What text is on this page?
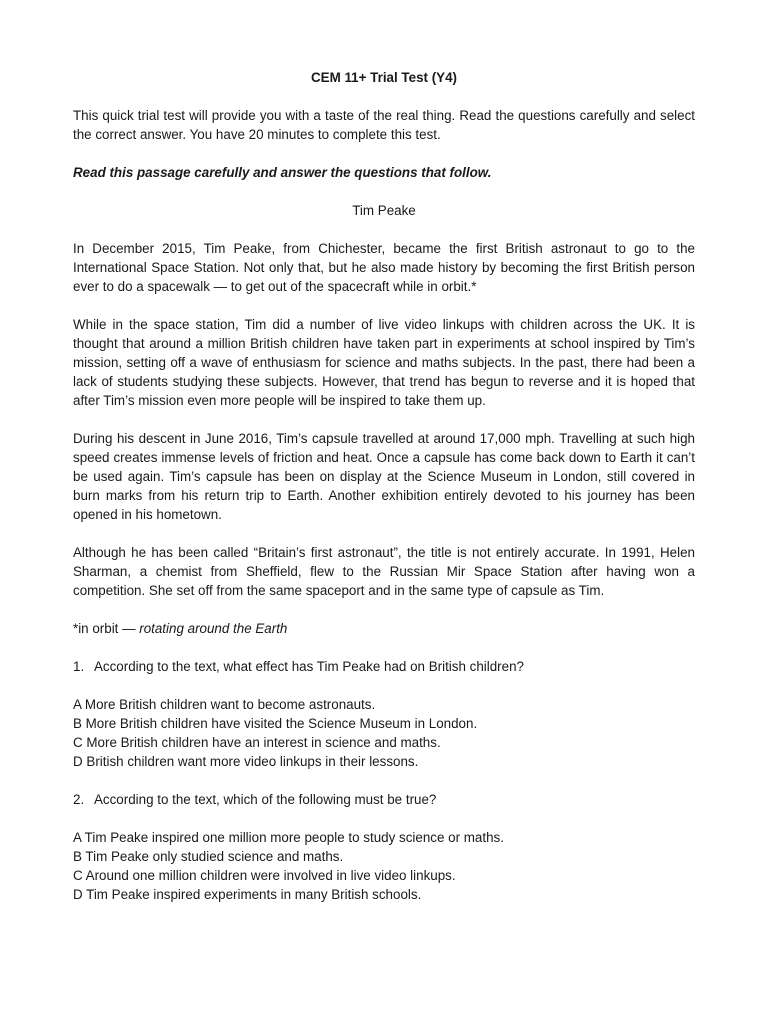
CEM 11+ Trial Test (Y4)

This quick trial test will provide you with a taste of the real thing. Read the questions carefully and select the correct answer. You have 20 minutes to complete this test.

Read this passage carefully and answer the questions that follow.

Tim Peake

In December 2015, Tim Peake, from Chichester, became the first British astronaut to go to the International Space Station. Not only that, but he also made history by becoming the first British person ever to do a spacewalk — to get out of the spacecraft while in orbit.*

While in the space station, Tim did a number of live video linkups with children across the UK. It is thought that around a million British children have taken part in experiments at school inspired by Tim’s mission, setting off a wave of enthusiasm for science and maths subjects. In the past, there had been a lack of students studying these subjects. However, that trend has begun to reverse and it is hoped that after Tim’s mission even more people will be inspired to take them up.

During his descent in June 2016, Tim’s capsule travelled at around 17,000 mph. Travelling at such high speed creates immense levels of friction and heat. Once a capsule has come back down to Earth it can’t be used again. Tim’s capsule has been on display at the Science Museum in London, still covered in burn marks from his return trip to Earth. Another exhibition entirely devoted to his journey has been opened in his hometown.

Although he has been called “Britain’s first astronaut”, the title is not entirely accurate. In 1991, Helen Sharman, a chemist from Sheffield, flew to the Russian Mir Space Station after having won a competition. She set off from the same spaceport and in the same type of capsule as Tim.

*in orbit — rotating around the Earth

1. According to the text, what effect has Tim Peake had on British children?
A More British children want to become astronauts.
B More British children have visited the Science Museum in London.
C More British children have an interest in science and maths.
D British children want more video linkups in their lessons.
2. According to the text, which of the following must be true?
A Tim Peake inspired one million more people to study science or maths.
B Tim Peake only studied science and maths.
C Around one million children were involved in live video linkups.
D Tim Peake inspired experiments in many British schools.
